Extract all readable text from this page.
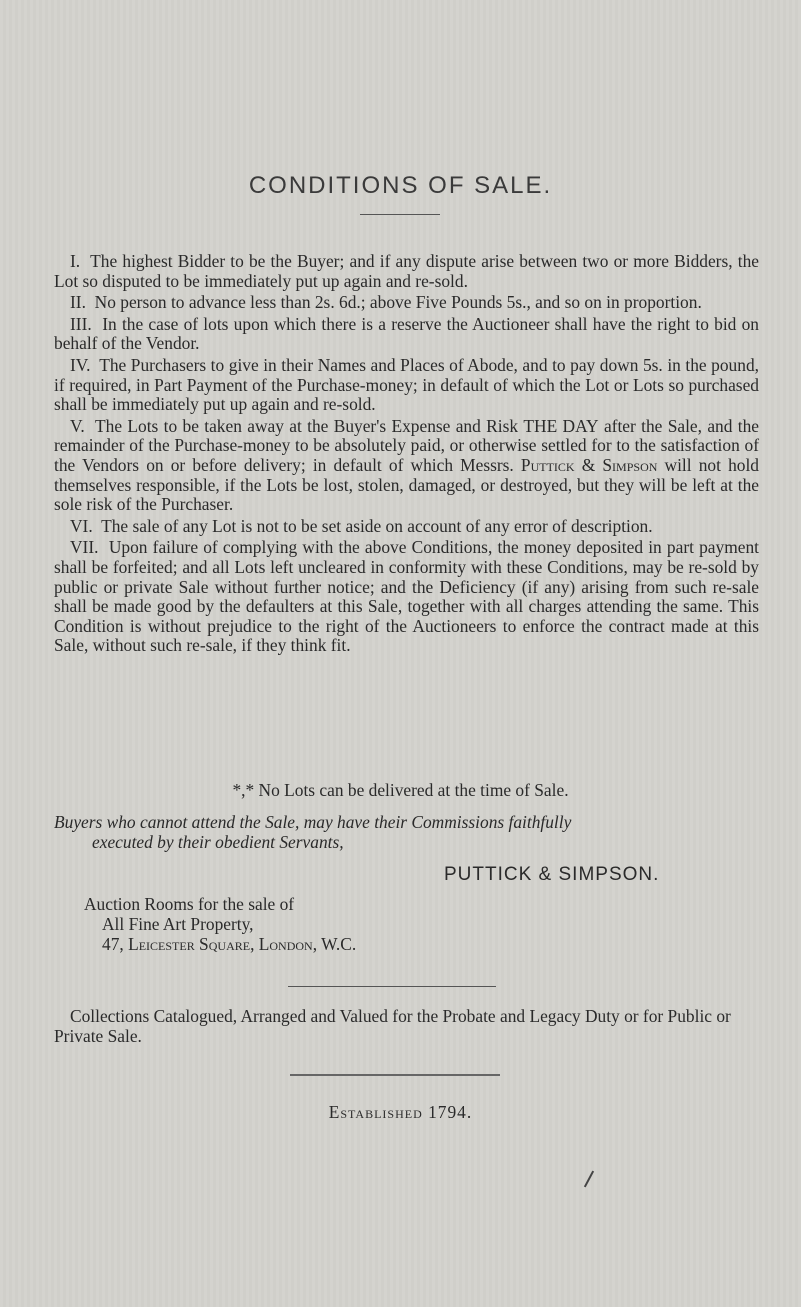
CONDITIONS OF SALE.

I. The highest Bidder to be the Buyer; and if any dispute arise between two or more Bidders, the Lot so disputed to be immediately put up again and re-sold.

II. No person to advance less than 2s. 6d.; above Five Pounds 5s., and so on in proportion.

III. In the case of lots upon which there is a reserve the Auctioneer shall have the right to bid on behalf of the Vendor.

IV. The Purchasers to give in their Names and Places of Abode, and to pay down 5s. in the pound, if required, in Part Payment of the Purchase-money; in default of which the Lot or Lots so purchased shall be immediately put up again and re-sold.

V. The Lots to be taken away at the Buyer's Expense and Risk THE DAY after the Sale, and the remainder of the Purchase-money to be absolutely paid, or otherwise settled for to the satisfaction of the Vendors on or before delivery; in default of which Messrs. Puttick & Simpson will not hold themselves responsible, if the Lots be lost, stolen, damaged, or destroyed, but they will be left at the sole risk of the Purchaser.

VI. The sale of any Lot is not to be set aside on account of any error of description.

VII. Upon failure of complying with the above Conditions, the money deposited in part payment shall be forfeited; and all Lots left uncleared in conformity with these Conditions, may be re-sold by public or private Sale without further notice; and the Deficiency (if any) arising from such re-sale shall be made good by the defaulters at this Sale, together with all charges attending the same. This Condition is without prejudice to the right of the Auctioneers to enforce the contract made at this Sale, without such re-sale, if they think fit.

*,* No Lots can be delivered at the time of Sale.
Buyers who cannot attend the Sale, may have their Commissions faithfully
executed by their obedient Servants,
PUTTICK & SIMPSON.
Auction Rooms for the sale of
All Fine Art Property,
47, Leicester Square, London, W.C.
Collections Catalogued, Arranged and Valued for the Probate and Legacy Duty or for Public or Private Sale.
Established 1794.
